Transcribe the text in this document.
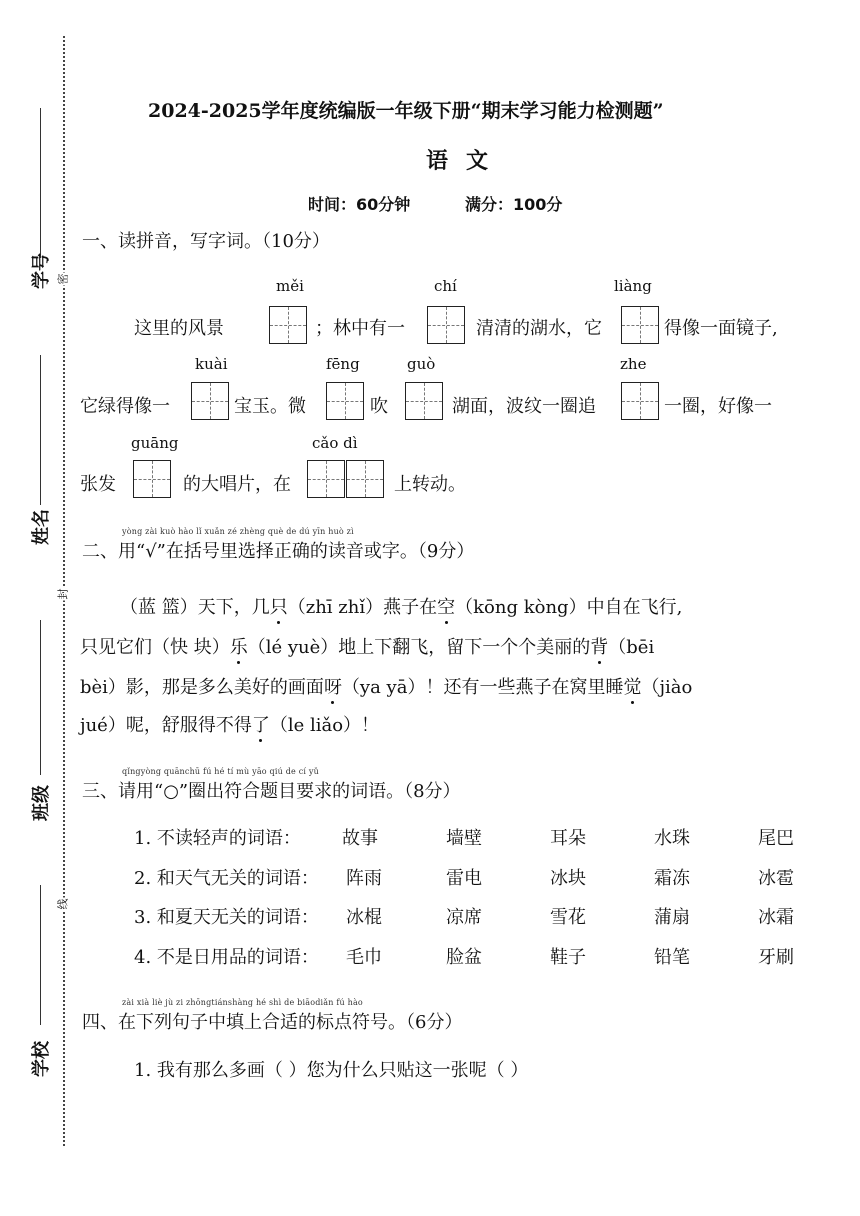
学号
姓名
班级
学校
密
封
线
2024-2025学年度统编版一年级下册“期末学习能力检测题”
语文
时间：60分钟	满分：100分
一、读拼音，写字词。（10分）
měi	chí	liàng
这里的风景	；林中有一	清清的湖水，它	得像一面镜子,
kuài	fēng	guò	zhe
它绿得像一	宝玉。微	吹	湖面，波纹一圈追	一圈，好像一
guāng	cǎo dì
张发	的大唱片，在	上转动。
yòng zài kuò hào lǐ xuǎn zé zhèng què de dú yīn huò zì
二、用“√”在括号里选择正确的读音或字。（9分）
（蓝 篮）天下，几只（zhī zhǐ）燕子在空（kōng kòng）中自在飞行,
只见它们（快 块）乐（lé yuè）地上下翻飞，留下一个个美丽的背（bēi
bèi）影，那是多么美好的画面呀（ya yā）！还有一些燕子在窝里睡觉（jiào
jué）呢，舒服得不得了（le liǎo）！
qǐngyòng quānchū fú hé tí mù yāo qiú de cí yǔ
三、请用“○”圈出符合题目要求的词语。（8分）
1. 不读轻声的词语： 故事	墙壁	耳朵	水珠	尾巴
2. 和天气无关的词语： 阵雨	雷电	冰块	霜冻	冰雹
3. 和夏天无关的词语： 冰棍	凉席	雪花	蒲扇	冰霜
4. 不是日用品的词语： 毛巾	脸盆	鞋子	铅笔	牙刷
zài xià liè jù zi zhōngtiánshàng hé shì de biāodiǎn fú hào
四、在下列句子中填上合适的标点符号。（6分）
1. 我有那么多画（ ）您为什么只贴这一张呢（ ）
